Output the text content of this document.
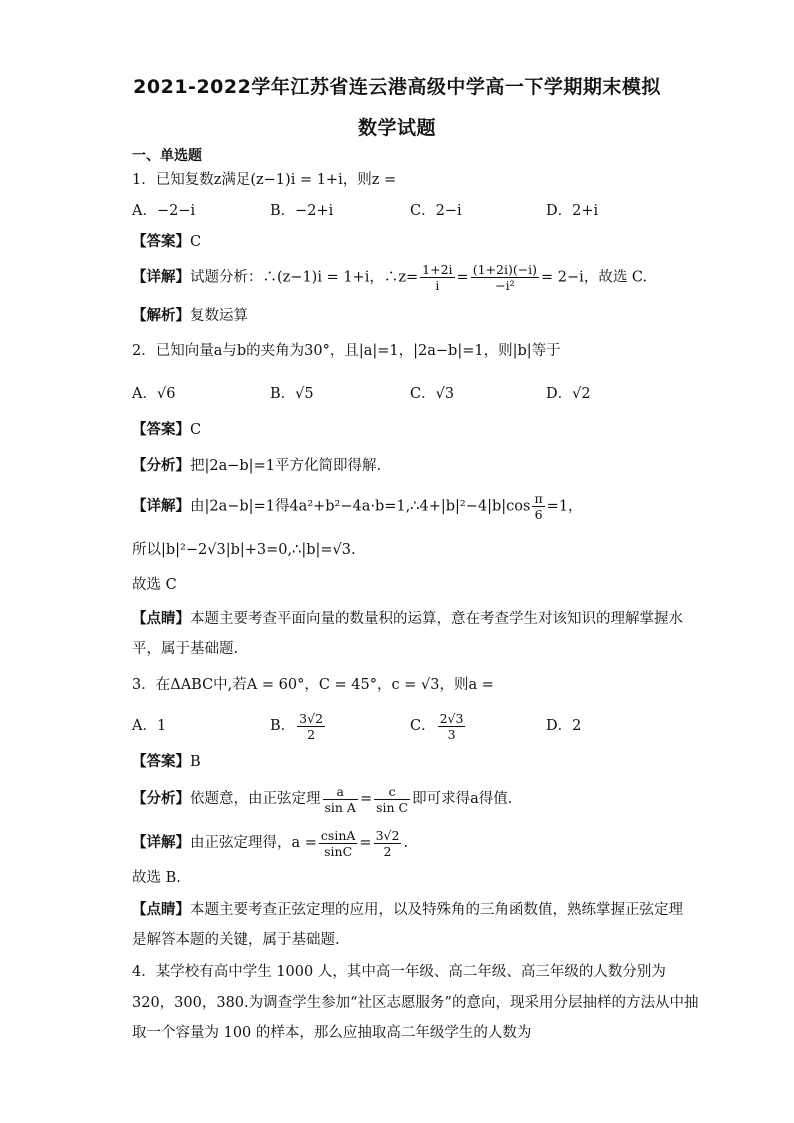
2021-2022学年江苏省连云港高级中学高一下学期期末模拟
数学试题
一、单选题
1．已知复数z满足(z−1)i = 1+i，则z =
A．−2−i	B．−2+i	C．2−i	D．2+i
【答案】C
【详解】试题分析：∴(z−1)i = 1+i，∴z= $\frac{1+2i}{i} = \frac{(1+2i)(-i)}{\text{−i²}} = 2-i$，故选 C.
【解析】复数运算
2．已知向量a与b的夹角为30°，且|a|=1，|2a−b|=1，则|b|等于
A．√6	B．√5	C．√3	D．√2
【答案】C
【分析】把|2a−b|=1平方化简即得解.
【详解】由|2a−b|=1得4a²+b²−4a·b=1,∴4+|b|²−4|b|cos $\frac{\pi}{6} =1$，
所以|b|²−2√3|b|+3=0,∴|b|=√3.
故选 C
【点睛】本题主要考查平面向量的数量积的运算，意在考查学生对该知识的理解掌握水
平，属于基础题.
3．在ΔABC中,若A = 60°，C = 45°，c = √3，则a =
A．1	B． $\frac{3√2}{2}$	C． $\frac{2√3}{3}$	D．2
【答案】B
【分析】依题意，由正弦定理 $\frac{a}{\text{sin A}} = \frac{c}{\text{sin C}}$ 即可求得a得值.
【详解】由正弦定理得，$a = \frac{csinA}{\sin C} = \frac{3√2}{2}$ .
故选 B.
【点睛】本题主要考查正弦定理的应用，以及特殊角的三角函数值，熟练掌握正弦定理
是解答本题的关键，属于基础题.
4．某学校有高中学生 1000 人，其中高一年级、高二年级、高三年级的人数分别为
320，300，380.为调查学生参加“社区志愿服务”的意向，现采用分层抽样的方法从中抽
取一个容量为 100 的样本，那么应抽取高二年级学生的人数为
